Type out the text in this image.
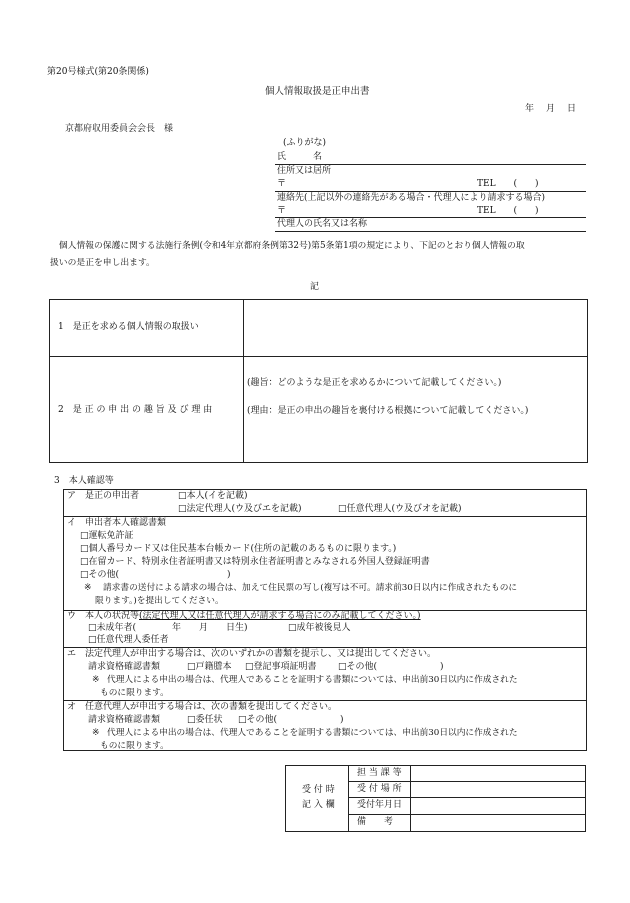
第20号様式(第20条関係)
個人情報取扱是正申出書
年 月 日
京都府収用委員会会長　様
(ふりがな)
氏　　　名
住所又は居所
〒	TEL　　(　　)
連絡先(上記以外の連絡先がある場合・代理人により請求する場合)
〒	TEL　　(　　)
代理人の氏名又は名称
　個人情報の保護に関する法施行条例(令和4年京都府条例第32号)第5条第1項の規定により、下記のとおり個人情報の取
扱いの是正を申し出ます。
記
1　是正を求める個人情報の取扱い
2　是 正 の 申 出 の 趣 旨 及 び 理 由
(趣旨：どのような是正を求めるかについて記載してください。)
(理由：是正の申出の趣旨を裏付ける根拠について記載してください。)
3　本人確認等
ア　是正の申出者 □	本人(イを記載)
□ 法定代理人(ウ及びエを記載) □	任意代理人(ウ及びオを記載)
イ　申出者本人確認書類
□ 運転免許証
□ 個人番号カード又は住民基本台帳カード(住所の記載のあるものに限ります。)
□ 在留カード、特別永住者証明書又は特別永住者証明書とみなされる外国人登録証明書
□ その他(　　　　　　　　　　　　)
※ 請求書の送付による請求の場合は、加えて住民票の写し(複写は不可。請求前30日以内に作成されたものに
限ります。)を提出してください。
ウ　本人の状況等(法定代理人又は任意代理人が請求する場合にのみ記載してください。)
□ 未成年者(　　　　年　　月　　日生) □	成年被後見人
□ 任意代理人委任者
エ　法定代理人が申出する場合は、次のいずれかの書類を提示し、又は提出してください。
請求資格確認書類 □	戸籍謄本 □	登記事項証明書 □	その他(　　　　　　　)
※ 代理人による申出の場合は、代理人であることを証明する書類については、申出前30日以内に作成された
ものに限ります。
オ　任意代理人が申出する場合は、次の書類を提出してください。
請求資格確認書類 □	委任状 □	その他(　　　　　　　)
※ 代理人による申出の場合は、代理人であることを証明する書類については、申出前30日以内に作成された
ものに限ります。
受 付 時
記 入 欄
担 当 課 等
受 付 場 所
受付年月日
備　　考
